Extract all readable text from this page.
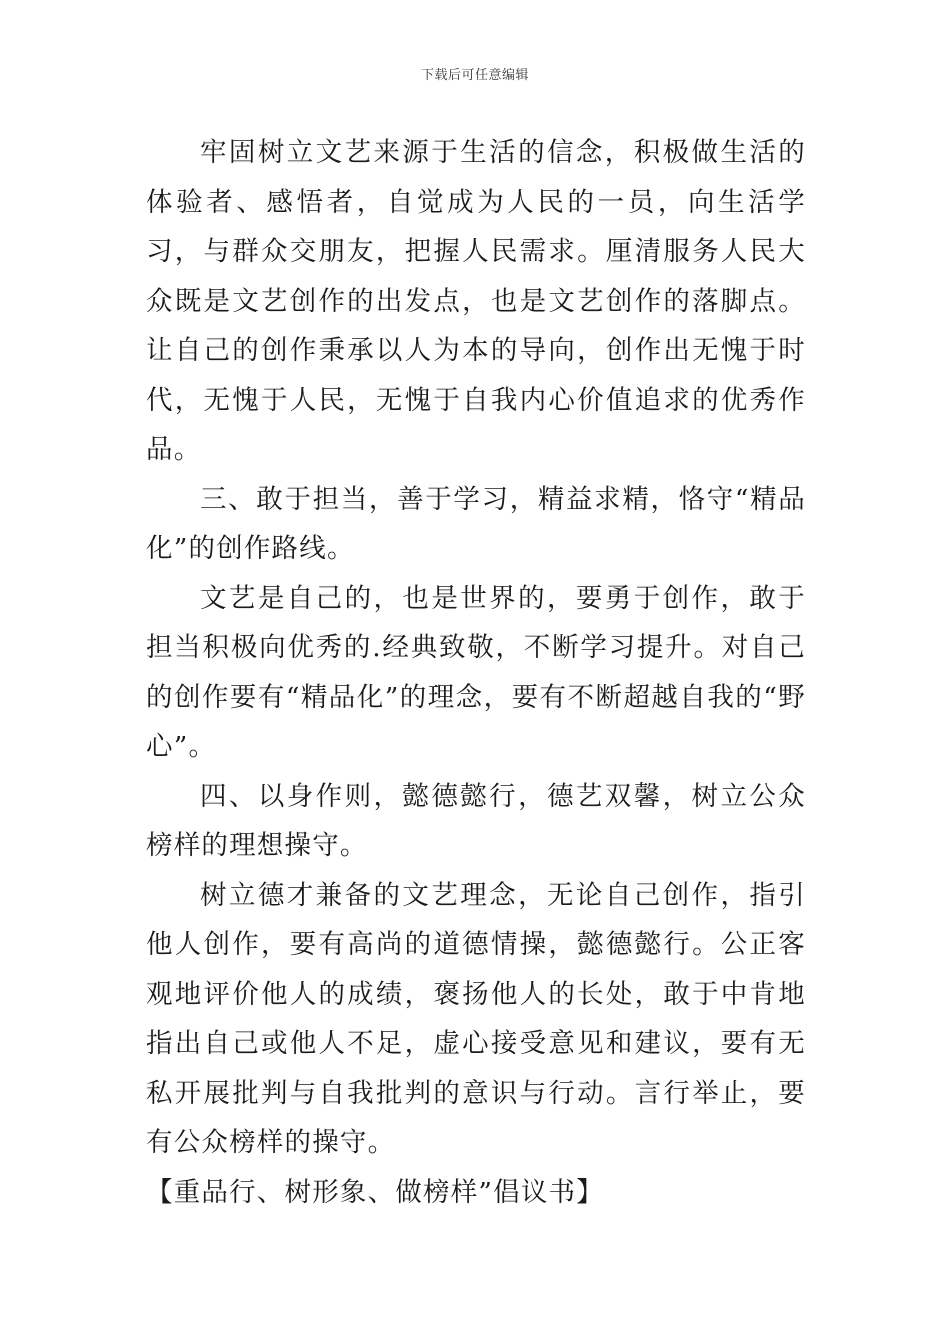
下载后可任意编辑

牢固树立文艺来源于生活的信念，积极做生活的体验者、感悟者，自觉成为人民的一员，向生活学习，与群众交朋友，把握人民需求。厘清服务人民大众既是文艺创作的出发点，也是文艺创作的落脚点。让自己的创作秉承以人为本的导向，创作出无愧于时代，无愧于人民，无愧于自我内心价值追求的优秀作品。

三、敢于担当，善于学习，精益求精，恪守“精品化”的创作路线。

文艺是自己的，也是世界的，要勇于创作，敢于担当积极向优秀的.经典致敬，不断学习提升。对自己的创作要有“精品化”的理念，要有不断超越自我的“野心”。

四、以身作则，懿德懿行，德艺双馨，树立公众榜样的理想操守。

树立德才兼备的文艺理念，无论自己创作，指引他人创作，要有高尚的道德情操，懿德懿行。公正客观地评价他人的成绩，褒扬他人的长处，敢于中肯地指出自己或他人不足，虚心接受意见和建议，要有无私开展批判与自我批判的意识与行动。言行举止，要有公众榜样的操守。

【重品行、树形象、做榜样”倡议书】
